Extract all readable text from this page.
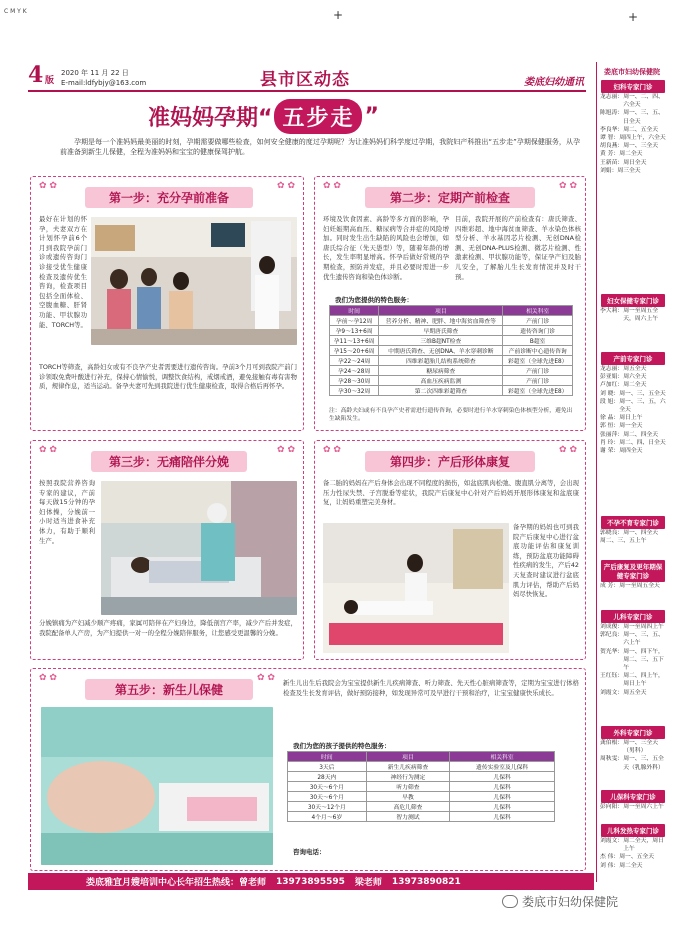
C M Y K	+	+
4 版
2020 年 11 月 22 日
E-mail:ldfybjy@163.com	县市区动态	娄底妇幼通讯
准妈妈孕期“ 五步走 ”
孕期是每一个准妈妈最美丽的时刻，孕期需要做哪些检查，如何安全健康的度过孕期呢？为让准妈妈们科学度过孕期，我院妇产科推出“五步走”孕期保健服务，从孕前准备到新生儿保健，全程为准妈妈和宝宝的健康保驾护航。
✿ ✿	✿ ✿
第一步：充分孕前准备
最好在计划的怀孕，夫妻双方在计划怀孕前6个月到我院孕前门诊或遗传咨询门诊接受优生健康检查及遗传优生咨询，检查项目包括全面体检、空腹血糖、肝肾功能、甲状腺功能、TORCH等。
TORCH等筛查，高龄妇女或有不良孕产史者需要进行遗传咨询。孕前3个月可到我院产前门诊领取免费叶酸进行补充，保持心情愉悦，调整饮食结构，戒烟戒酒，避免接触有毒有害物质，规律作息，适当运动。备孕夫妻可先到我院进行优生健康检查，取得合格后再怀孕。
✿ ✿	✿ ✿
第二步：定期产前检查
环境及饮食因素、高龄等多方面的影响，孕妇妊娠期高血压、糖尿病等合并症的风险增加。同时发生出生缺陷的风险也会增加，如唐氏综合征（先天愚型）等，随着年龄的增长，发生率明显增高。怀孕后做好常规的孕期检查，预防并发症，并且必要时需进一步优生遗传咨询和染色体诊断。
目前，我院开展的产前检查有：唐氏筛查、四维彩超、地中海贫血筛查、羊水染色体核型分析、羊水基因芯片检测、无创DNA检测、无创DNA-PLUS检测、微芯片检测、性激素检测、甲状腺功能等，保证孕产妇及胎儿安全，了解胎儿生长发育情况并及时干预。
我们为您提供的特色服务：
时间	项目	相关科室
孕前～孕12周	营养分析、精神、肥胖、地中海贫血筛查等	产前门诊
孕9～13+6周	早期唐氏筛查	遗传咨询门诊
孕11～13+6周	三维B超NT检查	B超室
孕15～20+6周	中期唐氏筛查、无创DNA、羊水穿刺诊断	产前诊断中心遗传咨询
孕22～24周	四维彩超胎儿结构系统筛查	彩超室（全球先进E8）
孕24～28周	糖尿病筛查	产前门诊
孕28～30周	高血压疾病监测	产前门诊
孕30～32周	第二次四维彩超筛查	彩超室（全球先进E8）
注：高龄夫妇或有不良孕产史者需进行遗传咨询，必要时进行羊水穿刺染色体核型分析，避免出生缺陷发生。
✿ ✿	✿ ✿
第三步：无痛陪伴分娩
按照我院营养咨询专家的建议，产前每天做15分钟的孕妇体操，分娩前一小时适当进食补充体力，有助于顺利生产。
分娩镇痛为产妇减少顺产疼痛，家属可陪伴在产妇身边，降低剖宫产率，减少产后并发症，我院配备单人产房，为产妇提供一对一的全程分娩陪伴服务，让您感受更温馨的分娩。
✿ ✿	✿ ✿
第四步：产后形体康复
备二胎的妈妈在产后身体会出现不同程度的损伤，如盆底肌肉松弛、腹直肌分离等，会出现压力性尿失禁、子宫脱垂等症状，我院产后康复中心针对产后妈妈开展形体康复和盆底康复，让妈妈重塑完美身材。
备孕期的妈妈也可到我院产后康复中心进行盆底功能评估和康复训练，预防盆底功能障碍性疾病的发生，产后42天复查时建议进行盆底肌力评估，帮助产后妈妈尽快恢复。
✿ ✿	✿ ✿
第五步：新生儿保健	新生儿出生后我院会为宝宝提供新生儿疾病筛查、听力筛查、先天性心脏病筛查等，定期为宝宝进行体格检查及生长发育评估，做好预防接种，如发现异常可及早进行干预和治疗，让宝宝健康快乐成长。
我们为您的孩子提供的特色服务：
时间	项目	相关科室
3天后	新生儿疾病筛查	遗传实验室及儿保科
28天内	神经行为测定	儿保科
30天～6个月	听力筛查	儿保科
30天～6个月	早教	儿保科
30天～12个月	高危儿筛查	儿保科
4个月～6岁	智力测试	儿保科
咨询电话：
娄底市妇幼保健院
妇科专家门诊
龙志丽： 周一、二、四、六全天
陈旭涛： 周一、三、五、日全天
李良华： 周二、五全天
谭 智： 周四上午，六全天
胡良燕： 周一、三全天
黄 芳： 周二全天
王新苗： 周日全天
刘娟： 周三全天
妇女保健专家门诊
李大莉： 周一至周五全天，周六上午
产前专家门诊
龙志丽： 周五全天
彭亚娟： 周六全天
卢加红： 周二全天
刘 晓： 周一、三、五全天
段 旭： 周一、三、五，六全天
徐 晶： 周日上午
郭 恒： 周一全天
张丽萍： 周二、四全天
肖 玲： 周二、四、日全天
谢 荣： 周四全天
不孕不育专家门诊
郭晓良： 周一、四全天
周二、三、五上午
产后康复及更年期保健专家门诊
成 芳： 周一至周五全天
儿科专家门诊
刘成俊： 周一至周四上午
郭纪良： 周一、三、五、六上午
贺光华： 周一、四下午，周二、三、五下午
王红钰： 周二、四上午，周日上午
刘霞文： 周五全天
外科专家门诊
龚伯根： 周一、三全天（男科）
周秋雯： 周一、三、五全天（乳腺外科）
儿保科专家门诊
彭向阳： 周一至周六上午
儿科发热专家门诊
刘霞文： 周二全天，周日上午
杰 伟： 周一、五全天
刘 伟： 周二全天
娄底雅宜月嫂培训中心长年招生热线：曾老师 13973895595 梁老师 13973890821
娄底市妇幼保健院
